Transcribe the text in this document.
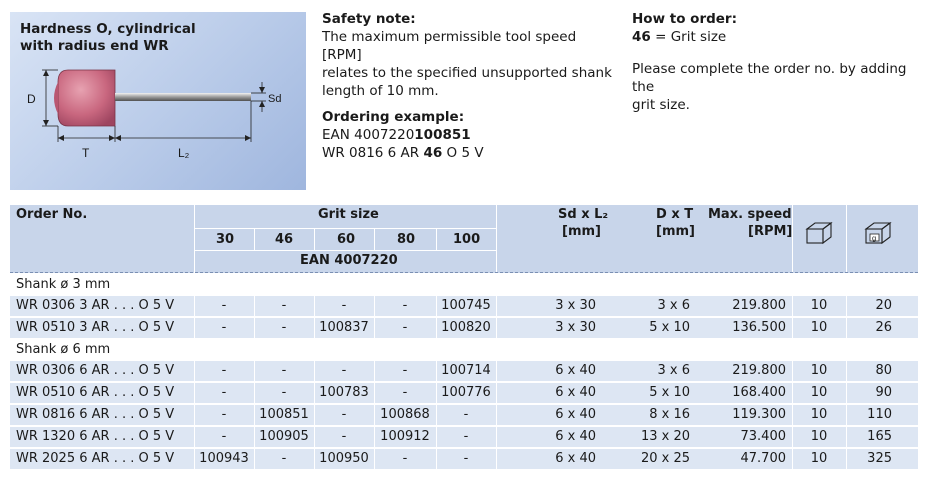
Hardness O, cylindrical
with radius end WR
D
T	L₂
Sd
Safety note:
The maximum permissible tool speed [RPM]
relates to the specified unsupported shank
length of 10 mm.
Ordering example:
EAN 4007220100851
WR 0816 6 AR 46 O 5 V
How to order:
46 = Grit size
Please complete the order no. by adding the
grit size.
Order No.	Grit size
30	46	60	80	100
EAN 4007220
Sd x L₂
[mm]
D x T
[mm]
Max. speed
[RPM]	g
Shank ø 3 mm
WR 0306 3 AR . . . O 5 V	-	-	-	-	100745	3 x 30	3 x 6	219.800	10	20
WR 0510 3 AR . . . O 5 V	-	-	100837	-	100820	3 x 30	5 x 10	136.500	10	26
Shank ø 6 mm
WR 0306 6 AR . . . O 5 V	-	-	-	-	100714	6 x 40	3 x 6	219.800	10	80
WR 0510 6 AR . . . O 5 V	-	-	100783	-	100776	6 x 40	5 x 10	168.400	10	90
WR 0816 6 AR . . . O 5 V	-	100851	-	100868	-	6 x 40	8 x 16	119.300	10	110
WR 1320 6 AR . . . O 5 V	-	100905	-	100912	-	6 x 40	13 x 20	73.400	10	165
WR 2025 6 AR . . . O 5 V	100943	-	100950	-	-	6 x 40	20 x 25	47.700	10	325
